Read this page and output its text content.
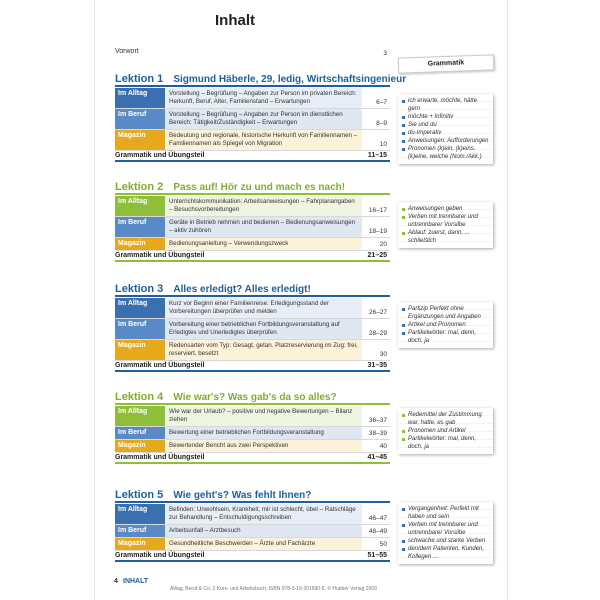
Inhalt
Vorwort	3
Grammatik
Lektion 1 Sigmund Häberle, 29, ledig, Wirtschaftsingenieur
Im Alltag	Vorstellung – Begrüßung – Angaben zur Person im privaten Bereich: Herkunft, Beruf, Alter, Familienstand – Erwartungen	6–7
Im Beruf	Vorstellung – Begrüßung – Angaben zur Person im dienstlichen Bereich: Tätigkeit/Zuständigkeit – Erwartungen	8–9
Magazin	Bedeutung und regionale, historische Herkunft von Familiennamen – Familiennamen als Spiegel von Migration	10
Grammatik und Übungsteil	11–15
ich erwarte, möchte, hätte gern
möchte + Infinitiv
Sie und du
du-Imperativ
Anweisungen: Aufforderungen
Pronomen (k)ein, (k)eins, (k)eine, welche (Nom./Akk.)
Lektion 2 Pass auf! Hör zu und mach es nach!
Im Alltag	Unterrichtskommunikation: Arbeitsanweisungen – Fahrplanangaben – Besuchsvorbereitungen	16–17
Im Beruf	Geräte in Betrieb nehmen und bedienen – Bedienungsanweisungen – aktiv zuhören	18–19
Magazin	Bedienungsanleitung – Verwendungszweck	20
Grammatik und Übungsteil	21–25
Anweisungen geben
Verben mit trennbarer und untrennbarer Vorsilbe
Ablauf: zuerst, dann, ... schließlich
Lektion 3 Alles erledigt? Alles erledigt!
Im Alltag	Kurz vor Beginn einer Familienreise: Erledigungsstand der Vorbereitungen überprüfen und melden	26–27
Im Beruf	Vorbereitung einer betrieblichen Fortbildungsveranstaltung auf Erledigtes und Unerledigtes überprüfen	28–29
Magazin	Redensarten vom Typ: Gesagt, getan. Platzreservierung im Zug: frei, reserviert, besetzt	30
Grammatik und Übungsteil	31–35
Partizip Perfekt ohne Ergänzungen und Angaben
Artikel und Pronomen
Partikelwörter: mal, denn, doch, ja
Lektion 4 Wie war's? Was gab's da so alles?
Im Alltag	Wie war der Urlaub? – positive und negative Bewertungen – Bilanz ziehen	36–37
Im Beruf	Bewertung einer betrieblichen Fortbildungsveranstaltung	38–39
Magazin	Bewertender Bericht aus zwei Perspektiven	40
Grammatik und Übungsteil	41–45
Redemittel der Zustimmung war, hatte, es gab
Pronomen und Artikel
Partikelwörter: mal, denn, doch, ja
Lektion 5 Wie geht's? Was fehlt Ihnen?
Im Alltag	Befinden: Unwohlsein, Krankheit, mir ist schlecht, übel – Ratschläge zur Behandlung – Entschuldigungsschreiben	46–47
Im Beruf	Arbeitsunfall – Arztbesuch	48–49
Magazin	Gesundheitliche Beschwerden – Ärzte und Fachärzte	50
Grammatik und Übungsteil	51–55
Vergangenheit: Perfekt mit haben und sein
Verben mit trennbarer und untrennbarer Vorsilbe
schwache und starke Verben
den/dem Patienten, Kunden, Kollegen ...
4 INHALT
Alltag, Beruf & Co. 2 Kurs- und Arbeitsbuch, ISBN 978-3-19-201590-8, © Hueber Verlag 2009
